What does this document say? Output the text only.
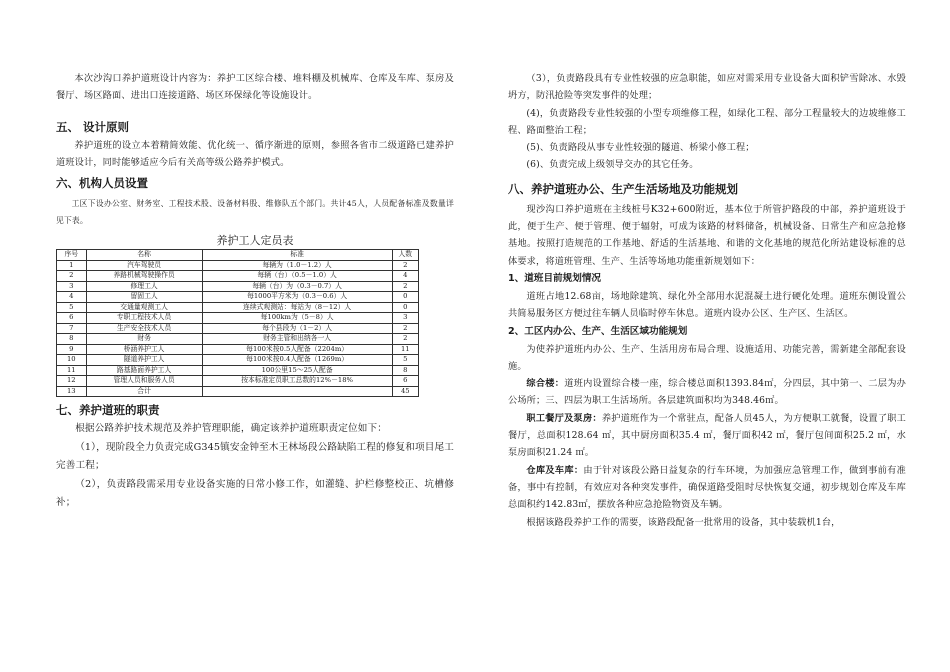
本次沙沟口养护道班设计内容为：养护工区综合楼、堆料棚及机械库、仓库及车库、泵房及餐厅、场区路面、进出口连接道路、场区环保绿化等设施设计。

五、 设计原则

养护道班的设立本着精简效能、优化统一、循序渐进的原则，参照各省市二级道路已建养护道班设计，同时能够适应今后有关高等级公路养护模式。

六、机构人员设置

工区下设办公室、财务室、工程技术股、设备材料股、维修队五个部门。共计45人，人员配备标准及数量详见下表。

养护工人定员表

序号	名称	标准	人数
1	汽车驾驶员	每辆为（1.0－1.2）人	2
2	养路机械驾驶操作员	每辆（台）（0.5－1.0）人	4
3	修理工人	每辆（台）为（0.3－0.7）人	2
4	留固工人	每1000平方米为（0.3－0.6）人	0
5	交通量观测工人	连续式观测站：每站为（8－12）人	0
6	专职工程技术人员	每100km为（5－8）人	3
7	生产安全技术人员	每个县段为（1－2）人	2
8	财务	财务主管和出纳各一人	2
9	桥涵养护工人	每100米按0.5人配备（2204m）	11
10	隧道养护工人	每100米按0.4人配备（1269m）	5
11	路基路面养护工人	100公里15～25人配备	8
12	管理人员和服务人员	按本标准定员职工总数的12%－18%	6
13	合计		45

七、养护道班的职责

根据公路养护技术规范及养护管理职能，确定该养护道班职责定位如下：

（1），现阶段全力负责完成G345镇安金钟至木王林场段公路缺陷工程的修复和项目尾工完善工程；

（2），负责路段需采用专业设备实施的日常小修工作，如灌缝、护栏修整校正、坑槽修补；

（3），负责路段具有专业性较强的应急职能，如应对需采用专业设备大面积铲雪除冰、水毁坍方，防汛抢险等突发事件的处理；

(4)，负责路段专业性较强的小型专项维修工程，如绿化工程、部分工程量较大的边坡维修工程、路面整治工程；

(5)、负责路段从事专业性较强的隧道、桥梁小修工程；

(6)、负责完成上级领导交办的其它任务。

八、养护道班办公、生产生活场地及功能规划

现沙沟口养护道班在主线桩号K32+600附近，基本位于所管护路段的中部，养护道班设于此，便于生产、便于管理、便于辐射，可成为该路的材料储备，机械设备、日常生产和应急抢修基地。按照打造规范的工作基地、舒适的生活基地、和谐的文化基地的规范化所站建设标准的总体要求，将道班管理、生产、生活等场地功能重新规划如下：

1、道班目前规划情况

道班占地12.68亩，场地除建筑、绿化外全部用水泥混凝土进行硬化处理。道班东侧设置公共简易服务区方便过往车辆人员临时停车休息。道班内设办公区、生产区、生活区。

2、工区内办公、生产、生活区域功能规划

为使养护道班内办公、生产、生活用房布局合理、设施适用、功能完善，需新建全部配套设施。

综合楼：道班内设置综合楼一座，综合楼总面积1393.84㎡，分四层，其中第一、二层为办公场所；三、四层为职工生活场所。各层建筑面积均为348.46㎡。

职工餐厅及泵房：养护道班作为一个常驻点，配备人员45人，为方便职工就餐，设置了职工餐厅，总面积128.64 ㎡，其中厨房面积35.4 ㎡，餐厅面积42 ㎡，餐厅包间面积25.2 ㎡，水泵房面积21.24 ㎡。

仓库及车库：由于针对该段公路日益复杂的行车环境，为加强应急管理工作，做到事前有准备，事中有控制，有效应对各种突发事件，确保道路受阻时尽快恢复交通，初步规划仓库及车库总面积约142.83㎡，摆放各种应急抢险物资及车辆。

根据该路段养护工作的需要，该路段配备一批常用的设备，其中装载机1台，
